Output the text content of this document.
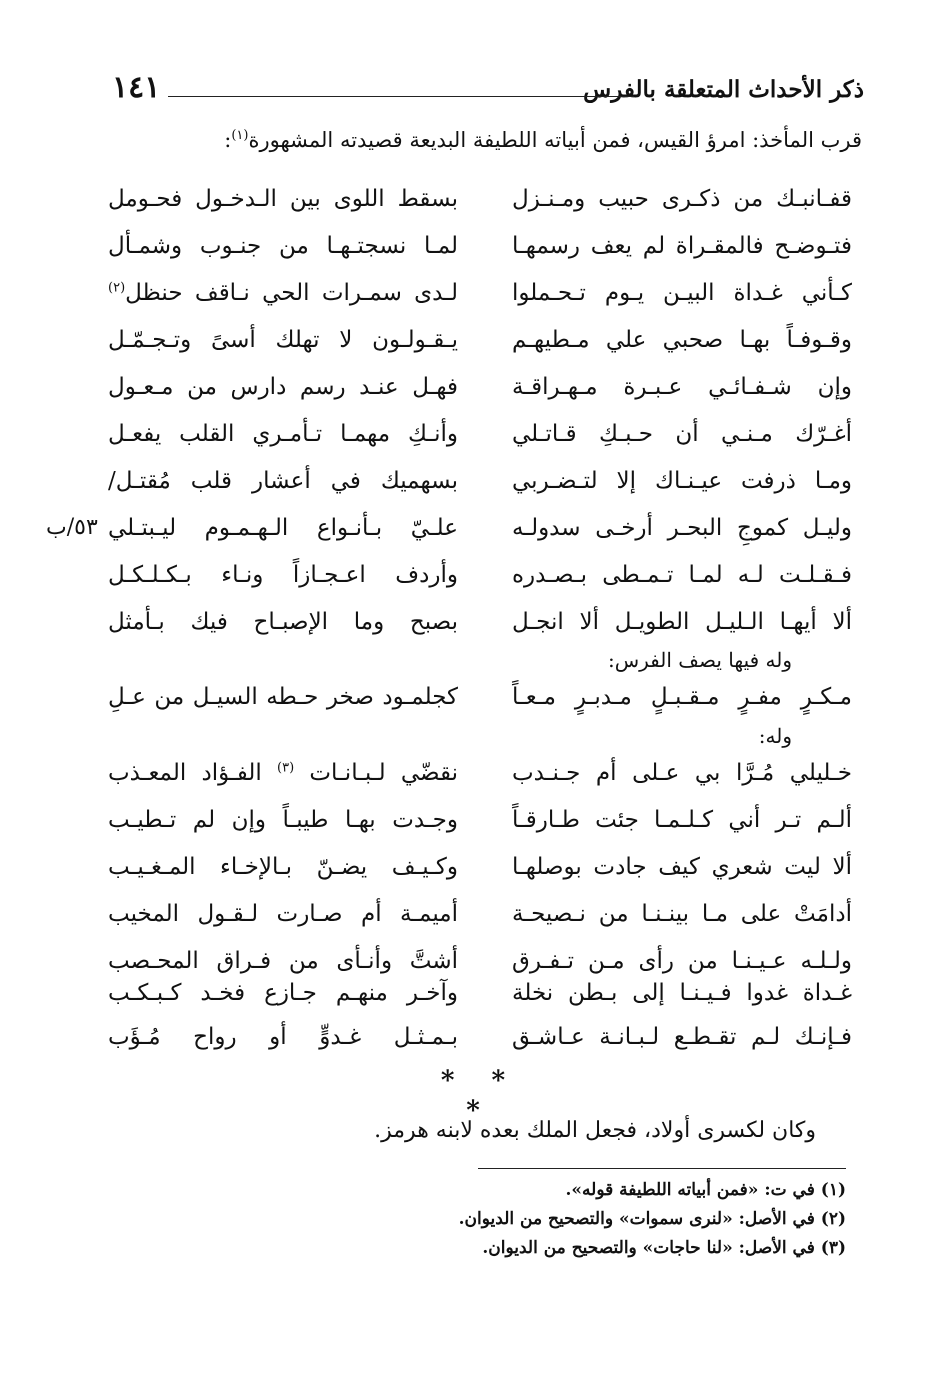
ذكر الأحداث المتعلقة بالفرس
١٤١
قرب المأخذ: امرؤ القيس، فمن أبياته اللطيفة البديعة قصيدته المشهورة$^{(١)}$:
قفـانبـك من ذكـرى حبيب ومـنـزل
بسقط اللوى بين الـدخـول فحـومل
فتـوضـح فالمقـراة لم يعف رسمهـا
لمـا نسجتـهـا من جنـوب وشمـأل
كـأني غـداة البيـن يـوم تـحـملوا
لـدى سمـرات الحي نـاقف حنظل$^{(٢)}$
وقـوفـاً بهـا صحبي علي مـطيهـم
يـقـولـون لا تهلك أسىً وتـجـمّـل
وإن شـفـائـي عـبـرة مـهـراقـة
فهـل عنـد رسم دارس من مـعـول
أغـرّك مـنـي أن حـبـكِ قـاتـلي
وأنـكِ مهمـا تـأمـري القلب يفعـل
ومـا ذرفت عيـنـاك إلا لتـضـربي
بسهميك في أعشار قلب مُقتـل/
وليـل كموجِ البحـر أرخـى سدولـه
علـيّ بـأنـواع الـهـمـوم ليـبتـلي
٥٣/ب
فـقـلـت لـه لمـا تـمـطى بـصـدره
وأردف اعـجـازاً ونـاء بـكـلـكـل
ألا أيهـا الـليـل الطويـل ألا انجـل
بصبح وما الإصبـاح فيك بـأمثل
وله فيها يصف الفرس:
مـكـرٍ مفـرٍ مـقـبـلٍ مـدبـرٍ مـعـاً
كجلمـود صخر حـطه السيـل من عـلِ
وله:
خـليلي مُـرَّا بي عـلى أم جـنـدب
نقضّي لـبـانـات $^{(٣)}$ الفـؤاد المعـذب
ألـم تـر أني كـلـمـا جئت طـارقـاً
وجـدت بهـا طيبـاً وإن لم تـطيـب
ألا ليت شعري كيف جادت بوصلهـا
وكـيـف يضـنّ بـالإخـاء المـغـيـب
أدامَتْ على مـا بينـنـا من نـصيحـة
أميمـة أم صـارت لـقـول المخيب
ولـلـه عـيـنـا من رأى مـن تـفـرق
أشتَّ وأنـأى من فـراق المحـصب
غـداة غدوا فـيـنـا إلى بـطن نخلة
وآخـر منهـم جـازع فخـد كـبـكـب
فـإنـك لـم تقـطـع لـبـانـة عـاشـق
بـمـثـل غـدوٍّ أو رواح مُـؤَب
* * *
وكان لكسرى أولاد، فجعل الملك بعده لابنه هرمز.
(١) في ت: «فمن أبياته اللطيفة قوله».
(٢) في الأصل: «لنرى سموات» والتصحيح من الديوان.
(٣) في الأصل: «لنا حاجات» والتصحيح من الديوان.
